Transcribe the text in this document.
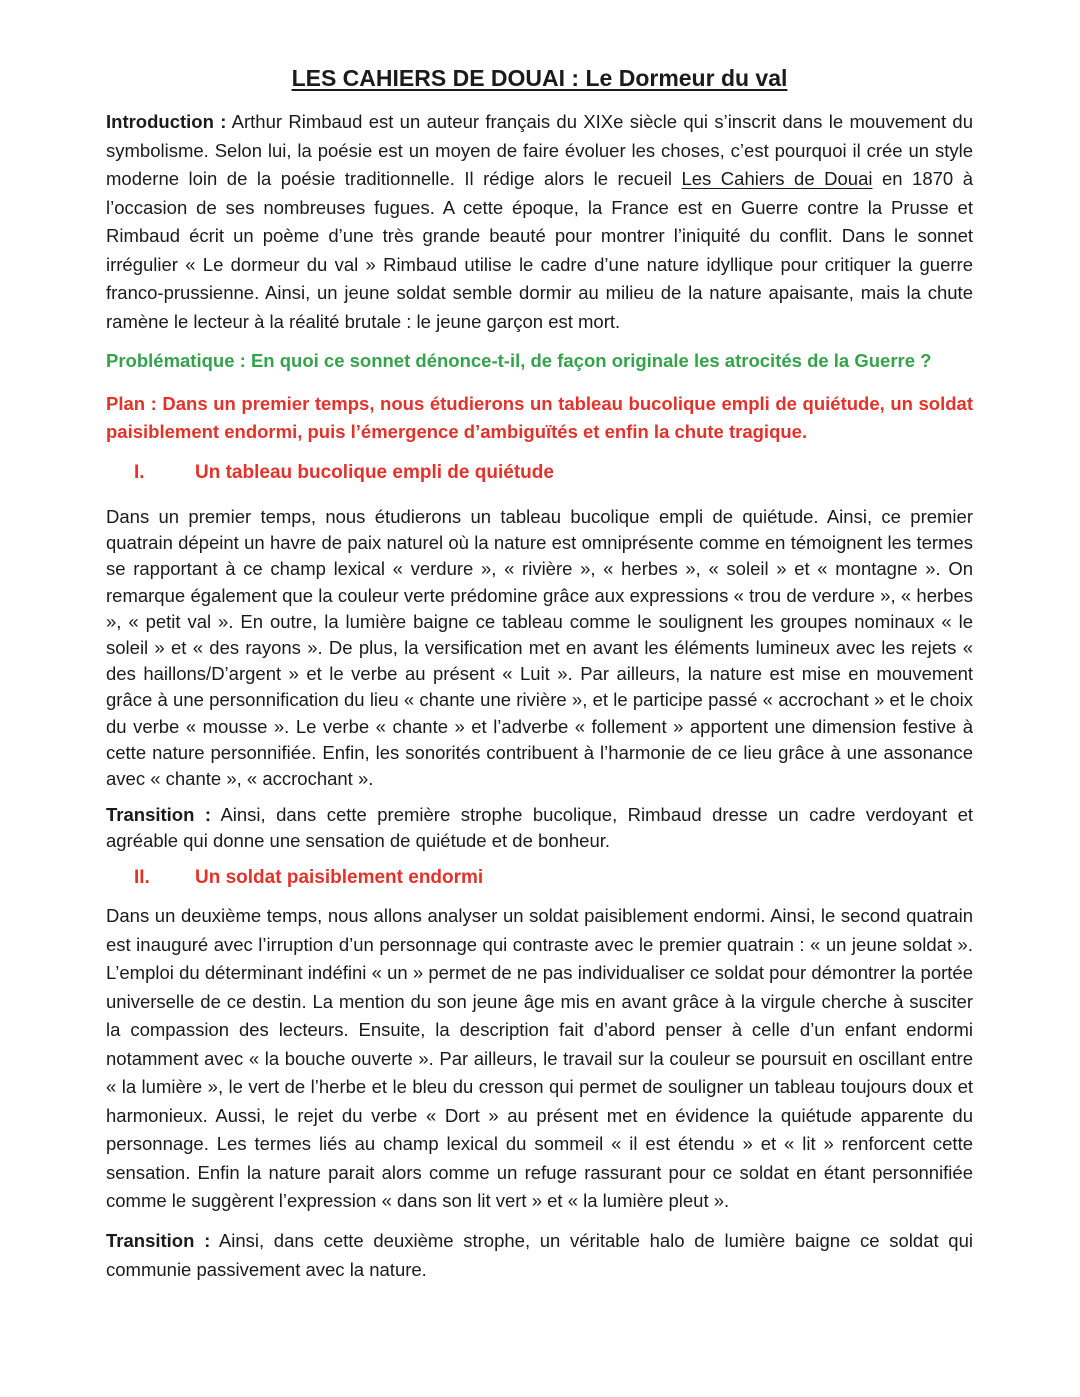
LES CAHIERS DE DOUAI : Le Dormeur du val

Introduction : Arthur Rimbaud est un auteur français du XIXe siècle qui s’inscrit dans le mouvement du symbolisme. Selon lui, la poésie est un moyen de faire évoluer les choses, c’est pourquoi il crée un style moderne loin de la poésie traditionnelle. Il rédige alors le recueil Les Cahiers de Douai en 1870 à l’occasion de ses nombreuses fugues. A cette époque, la France est en Guerre contre la Prusse et Rimbaud écrit un poème d’une très grande beauté pour montrer l’iniquité du conflit. Dans le sonnet irrégulier « Le dormeur du val » Rimbaud utilise le cadre d’une nature idyllique pour critiquer la guerre franco-prussienne. Ainsi, un jeune soldat semble dormir au milieu de la nature apaisante, mais la chute ramène le lecteur à la réalité brutale : le jeune garçon est mort.

Problématique : En quoi ce sonnet dénonce-t-il, de façon originale les atrocités de la Guerre ?

Plan : Dans un premier temps, nous étudierons un tableau bucolique empli de quiétude, un soldat paisiblement endormi, puis l’émergence d’ambiguïtés et enfin la chute tragique.

I.	Un tableau bucolique empli de quiétude

Dans un premier temps, nous étudierons un tableau bucolique empli de quiétude. Ainsi, ce premier quatrain dépeint un havre de paix naturel où la nature est omniprésente comme en témoignent les termes se rapportant à ce champ lexical « verdure », « rivière », « herbes », « soleil » et « montagne ». On remarque également que la couleur verte prédomine grâce aux expressions « trou de verdure », « herbes », « petit val ». En outre, la lumière baigne ce tableau comme le soulignent les groupes nominaux « le soleil » et « des rayons ». De plus, la versification met en avant les éléments lumineux avec les rejets « des haillons/D’argent » et le verbe au présent « Luit ». Par ailleurs, la nature est mise en mouvement grâce à une personnification du lieu « chante une rivière », et le participe passé « accrochant » et le choix du verbe « mousse ». Le verbe « chante » et l’adverbe « follement » apportent une dimension festive à cette nature personnifiée. Enfin, les sonorités contribuent à l’harmonie de ce lieu grâce à une assonance avec « chante », « accrochant ».

Transition : Ainsi, dans cette première strophe bucolique, Rimbaud dresse un cadre verdoyant et agréable qui donne une sensation de quiétude et de bonheur.

II. Un soldat paisiblement endormi

Dans un deuxième temps, nous allons analyser un soldat paisiblement endormi. Ainsi, le second quatrain est inauguré avec l’irruption d’un personnage qui contraste avec le premier quatrain : « un jeune soldat ». L’emploi du déterminant indéfini « un » permet de ne pas individualiser ce soldat pour démontrer la portée universelle de ce destin. La mention du son jeune âge mis en avant grâce à la virgule cherche à susciter la compassion des lecteurs. Ensuite, la description fait d’abord penser à celle d’un enfant endormi notamment avec « la bouche ouverte ». Par ailleurs, le travail sur la couleur se poursuit en oscillant entre « la lumière », le vert de l’herbe et le bleu du cresson qui permet de souligner un tableau toujours doux et harmonieux. Aussi, le rejet du verbe « Dort » au présent met en évidence la quiétude apparente du personnage. Les termes liés au champ lexical du sommeil « il est étendu » et « lit » renforcent cette sensation. Enfin la nature parait alors comme un refuge rassurant pour ce soldat en étant personnifiée comme le suggèrent l’expression « dans son lit vert » et « la lumière pleut ».

Transition : Ainsi, dans cette deuxième strophe, un véritable halo de lumière baigne ce soldat qui communie passivement avec la nature.
